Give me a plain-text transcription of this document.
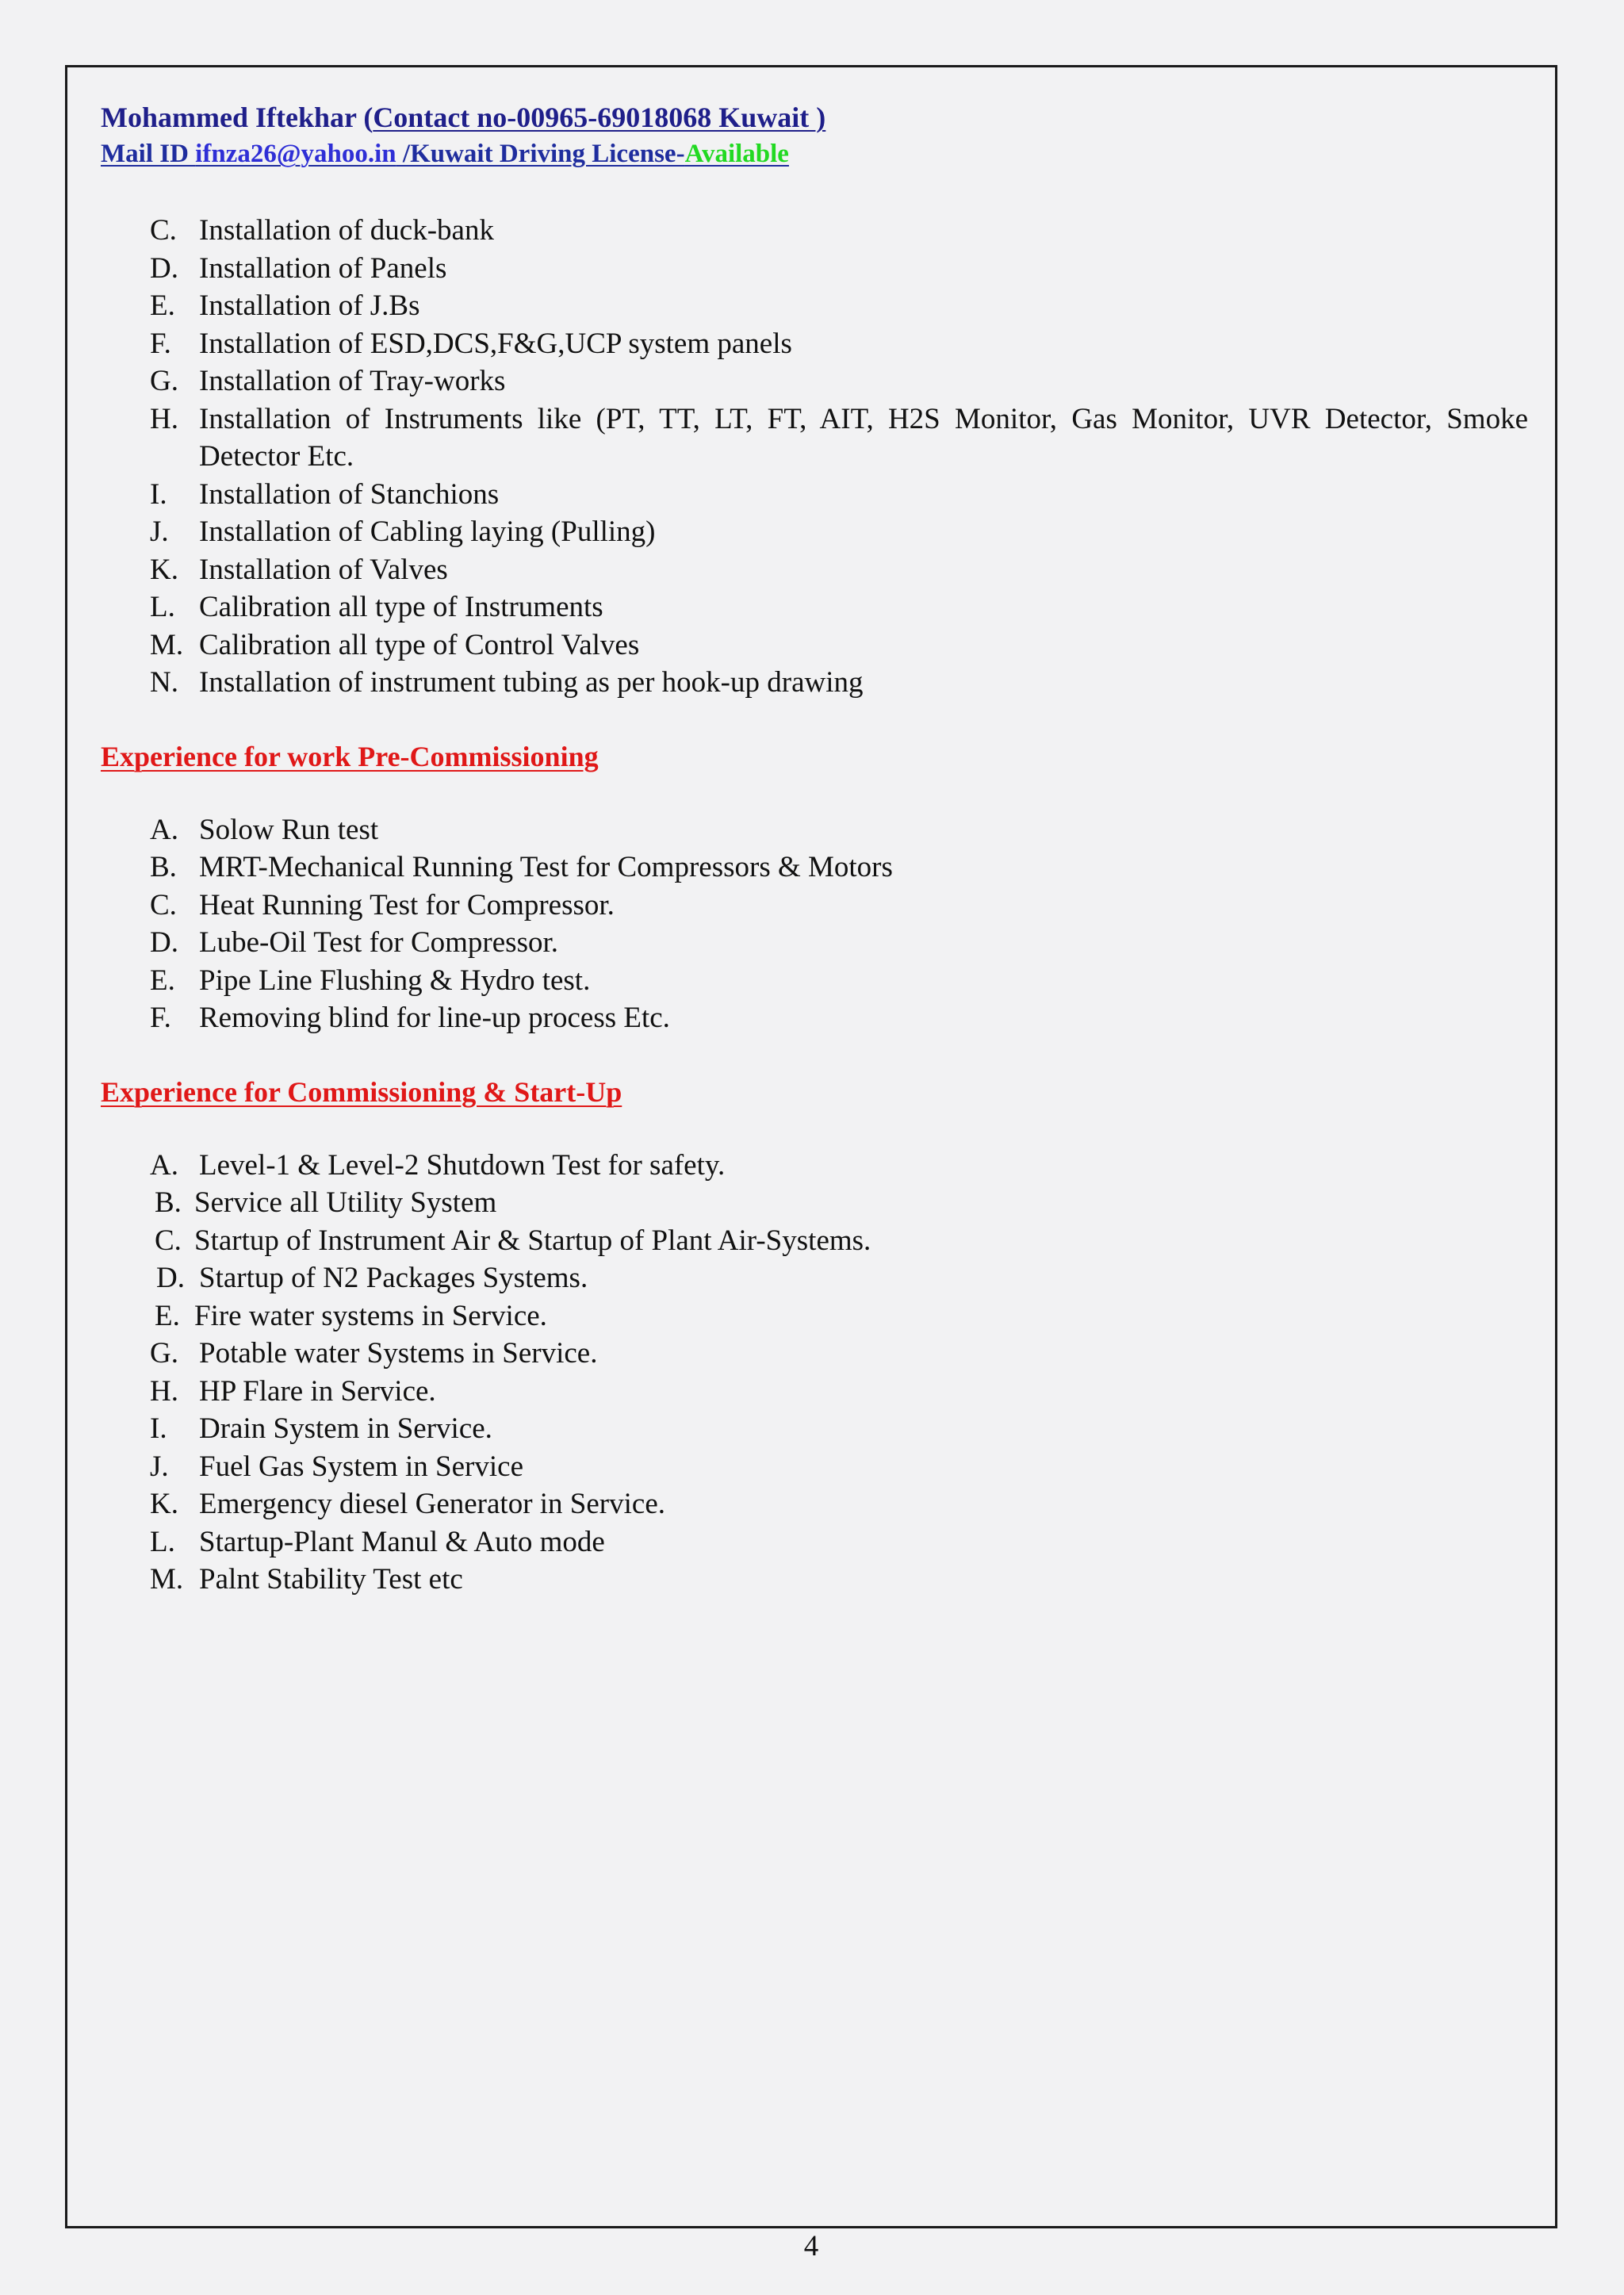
Mohammed Iftekhar (Contact no-00965-69018068 Kuwait )
Mail ID ifnza26@yahoo.in /Kuwait Driving License-Available
C. Installation of duck-bank
D. Installation of Panels
E. Installation of J.Bs
F. Installation of ESD,DCS,F&G,UCP system panels
G. Installation of Tray-works
H. Installation of Instruments like (PT, TT, LT, FT, AIT, H2S Monitor, Gas Monitor, UVR Detector, Smoke Detector Etc.
I. Installation of Stanchions
J. Installation of Cabling laying (Pulling)
K. Installation of Valves
L. Calibration all type of Instruments
M. Calibration all type of Control Valves
N. Installation of instrument tubing as per hook-up drawing
Experience for work Pre-Commissioning
A. Solow Run test
B. MRT-Mechanical Running Test for Compressors & Motors
C. Heat Running Test for Compressor.
D. Lube-Oil Test for Compressor.
E. Pipe Line Flushing & Hydro test.
F. Removing blind for line-up process Etc.
Experience for Commissioning & Start-Up
A. Level-1 & Level-2 Shutdown Test for safety.
B. Service all Utility System
C. Startup of Instrument Air & Startup of Plant Air-Systems.
D. Startup of N2 Packages Systems.
E. Fire water systems in Service.
G. Potable water Systems in Service.
H. HP Flare in Service.
I. Drain System in Service.
J. Fuel Gas System in Service
K. Emergency diesel Generator in Service.
L. Startup-Plant Manul & Auto mode
M. Palnt Stability Test etc
4
